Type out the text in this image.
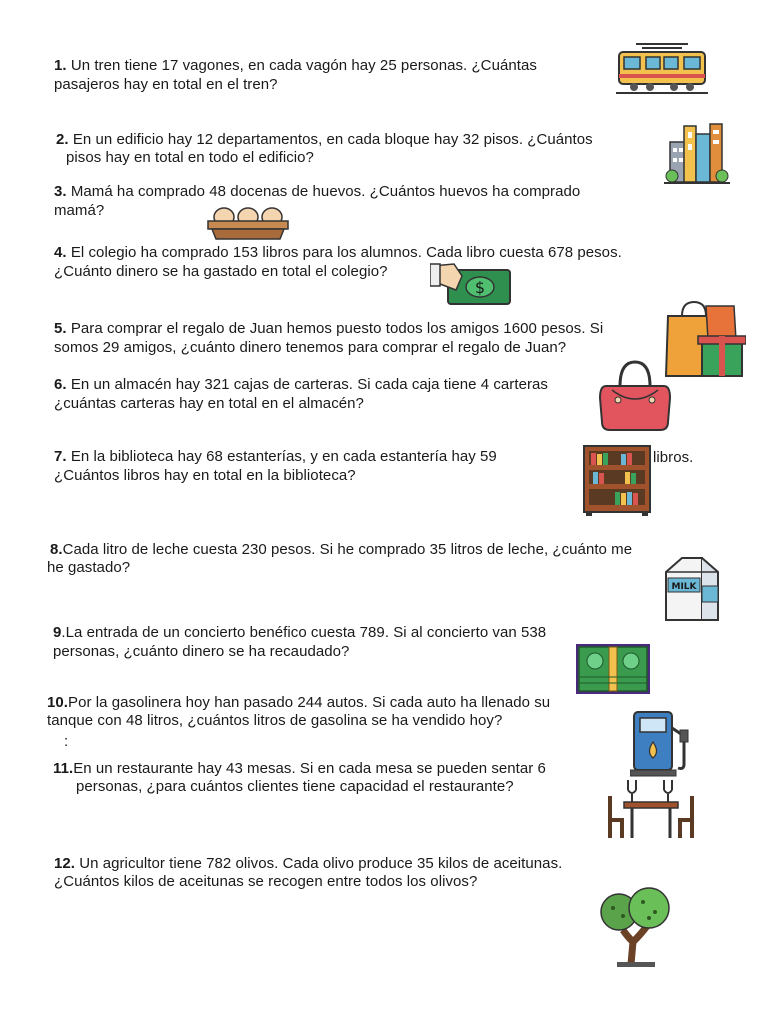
1. Un tren tiene 17 vagones, en cada vagón hay 25 personas. ¿Cuántas
pasajeros hay en total en el tren?
2. En un edificio hay 12 departamentos, en cada bloque hay 32 pisos. ¿Cuántos
pisos hay en total en todo el edificio?
3. Mamá ha comprado 48 docenas de huevos. ¿Cuántos huevos ha comprado
mamá?
4. El colegio ha comprado 153 libros para los alumnos. Cada libro cuesta 678 pesos.
¿Cuánto dinero se ha gastado en total el colegio?
5. Para comprar el regalo de Juan hemos puesto todos los amigos 1600 pesos. Si
somos 29 amigos, ¿cuánto dinero tenemos para comprar el regalo de Juan?
6. En un almacén hay 321 cajas de carteras. Si cada caja tiene 4 carteras
¿cuántas carteras hay en total en el almacén?
7. En la biblioteca hay 68 estanterías, y en cada estantería hay 59	libros.
¿Cuántos libros hay en total en la biblioteca?
8.Cada litro de leche cuesta 230 pesos. Si he comprado 35 litros de leche, ¿cuánto me
he gastado?
9.La entrada de un concierto benéfico cuesta 789. Si al concierto van 538
personas, ¿cuánto dinero se ha recaudado?
10.Por la gasolinera hoy han pasado 244 autos. Si cada auto ha llenado su
tanque con 48 litros, ¿cuántos litros de gasolina se ha vendido hoy?
:
11.En un restaurante hay 43 mesas. Si en cada mesa se pueden sentar 6
personas, ¿para cuántos clientes tiene capacidad el restaurante?
12. Un agricultor tiene 782 olivos. Cada olivo produce 35 kilos de aceitunas.
¿Cuántos kilos de aceitunas se recogen entre todos los olivos?
$
MILK
